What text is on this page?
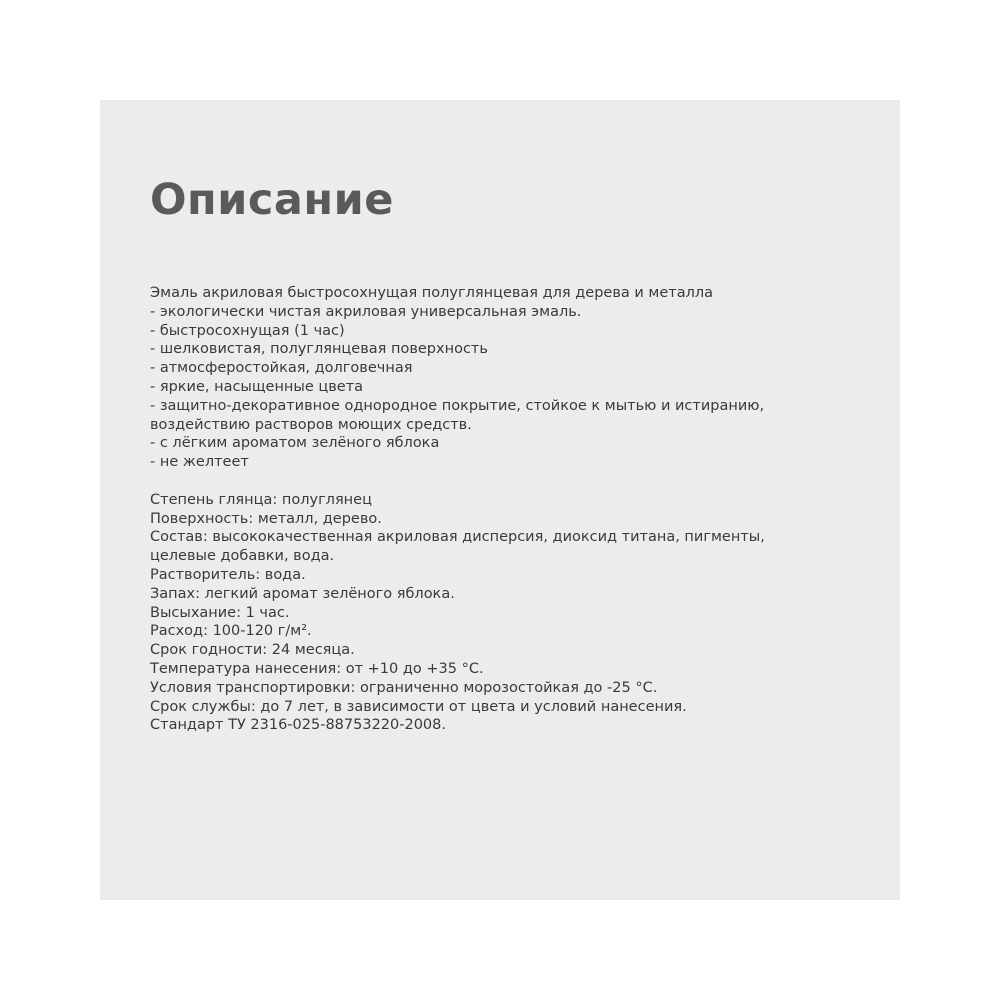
Описание
Эмаль акриловая быстросохнущая полуглянцевая для дерева и металла
- экологически чистая акриловая универсальная эмаль.
- быстросохнущая (1 час)
- шелковистая, полуглянцевая поверхность
- атмосферостойкая, долговечная
- яркие, насыщенные цвета
- защитно-декоративное однородное покрытие, стойкое к мытью и истиранию,
воздействию растворов моющих средств.
- с лёгким ароматом зелёного яблока
- не желтеет
Степень глянца: полуглянец
Поверхность: металл, дерево.
Состав: высококачественная акриловая дисперсия, диоксид титана, пигменты,
целевые добавки, вода.
Растворитель: вода.
Запах: легкий аромат зелёного яблока.
Высыхание: 1 час.
Расход: 100-120 г/м².
Срок годности: 24 месяца.
Температура нанесения: от +10 до +35 °С.
Условия транспортировки: ограниченно морозостойкая до -25 °С.
Срок службы: до 7 лет, в зависимости от цвета и условий нанесения.
Стандарт ТУ 2316-025-88753220-2008.
